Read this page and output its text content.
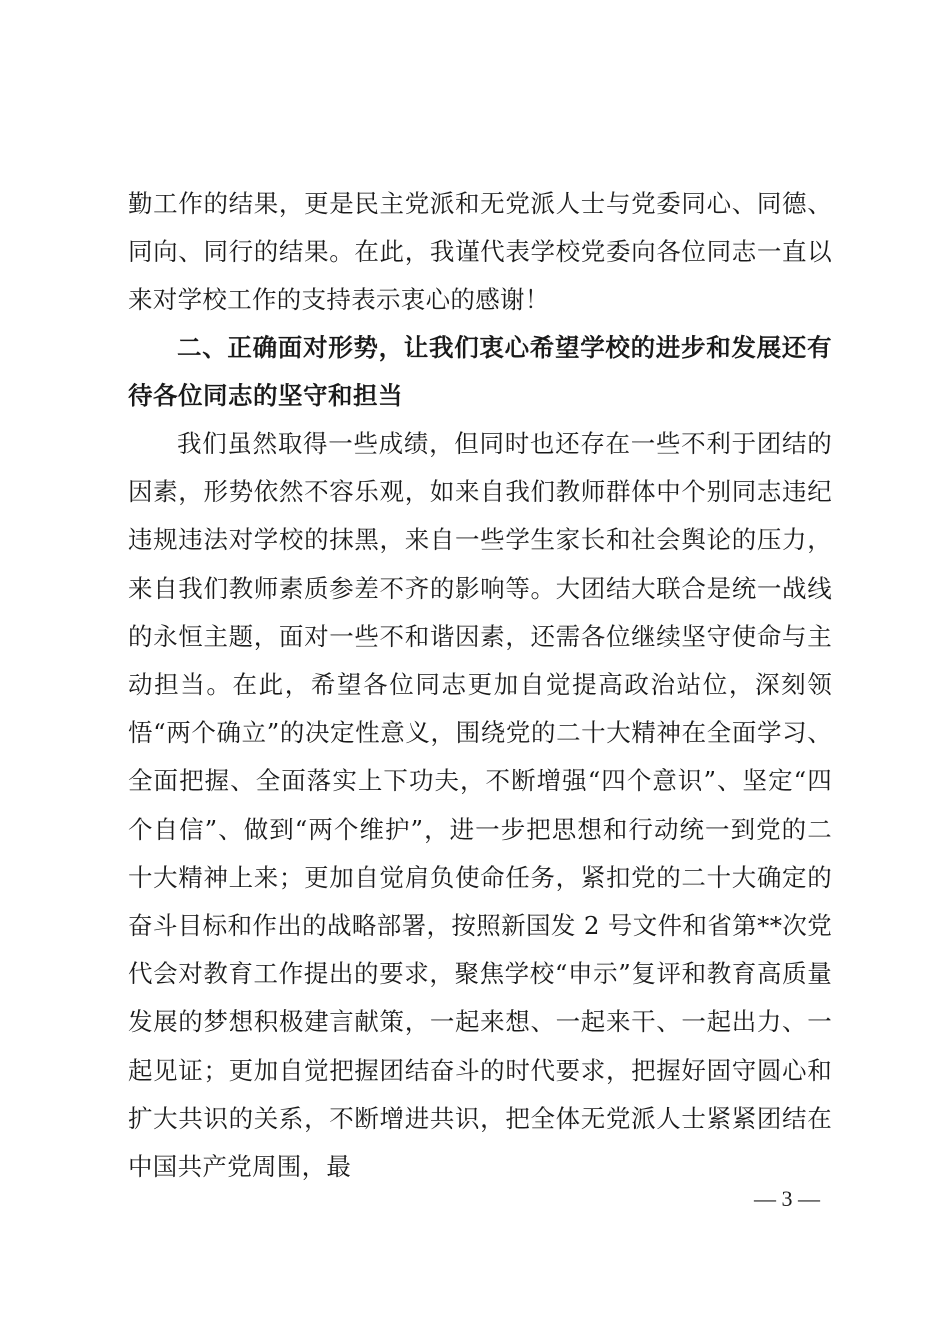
勤工作的结果，更是民主党派和无党派人士与党委同心、同德、同向、同行的结果。在此，我谨代表学校党委向各位同志一直以来对学校工作的支持表示衷心的感谢！
二、正确面对形势，让我们衷心希望学校的进步和发展还有待各位同志的坚守和担当
我们虽然取得一些成绩，但同时也还存在一些不利于团结的因素，形势依然不容乐观，如来自我们教师群体中个别同志违纪违规违法对学校的抹黑，来自一些学生家长和社会舆论的压力，来自我们教师素质参差不齐的影响等。大团结大联合是统一战线的永恒主题，面对一些不和谐因素，还需各位继续坚守使命与主动担当。在此，希望各位同志更加自觉提高政治站位，深刻领悟“两个确立”的决定性意义，围绕党的二十大精神在全面学习、全面把握、全面落实上下功夫，不断增强“四个意识”、坚定“四个自信”、做到“两个维护”，进一步把思想和行动统一到党的二十大精神上来；更加自觉肩负使命任务，紧扣党的二十大确定的奋斗目标和作出的战略部署，按照新国发 2 号文件和省第**次党代会对教育工作提出的要求，聚焦学校“申示”复评和教育高质量发展的梦想积极建言献策，一起来想、一起来干、一起出力、一起见证；更加自觉把握团结奋斗的时代要求，把握好固守圆心和扩大共识的关系，不断增进共识，把全体无党派人士紧紧团结在中国共产党周围，最
— 3 —
